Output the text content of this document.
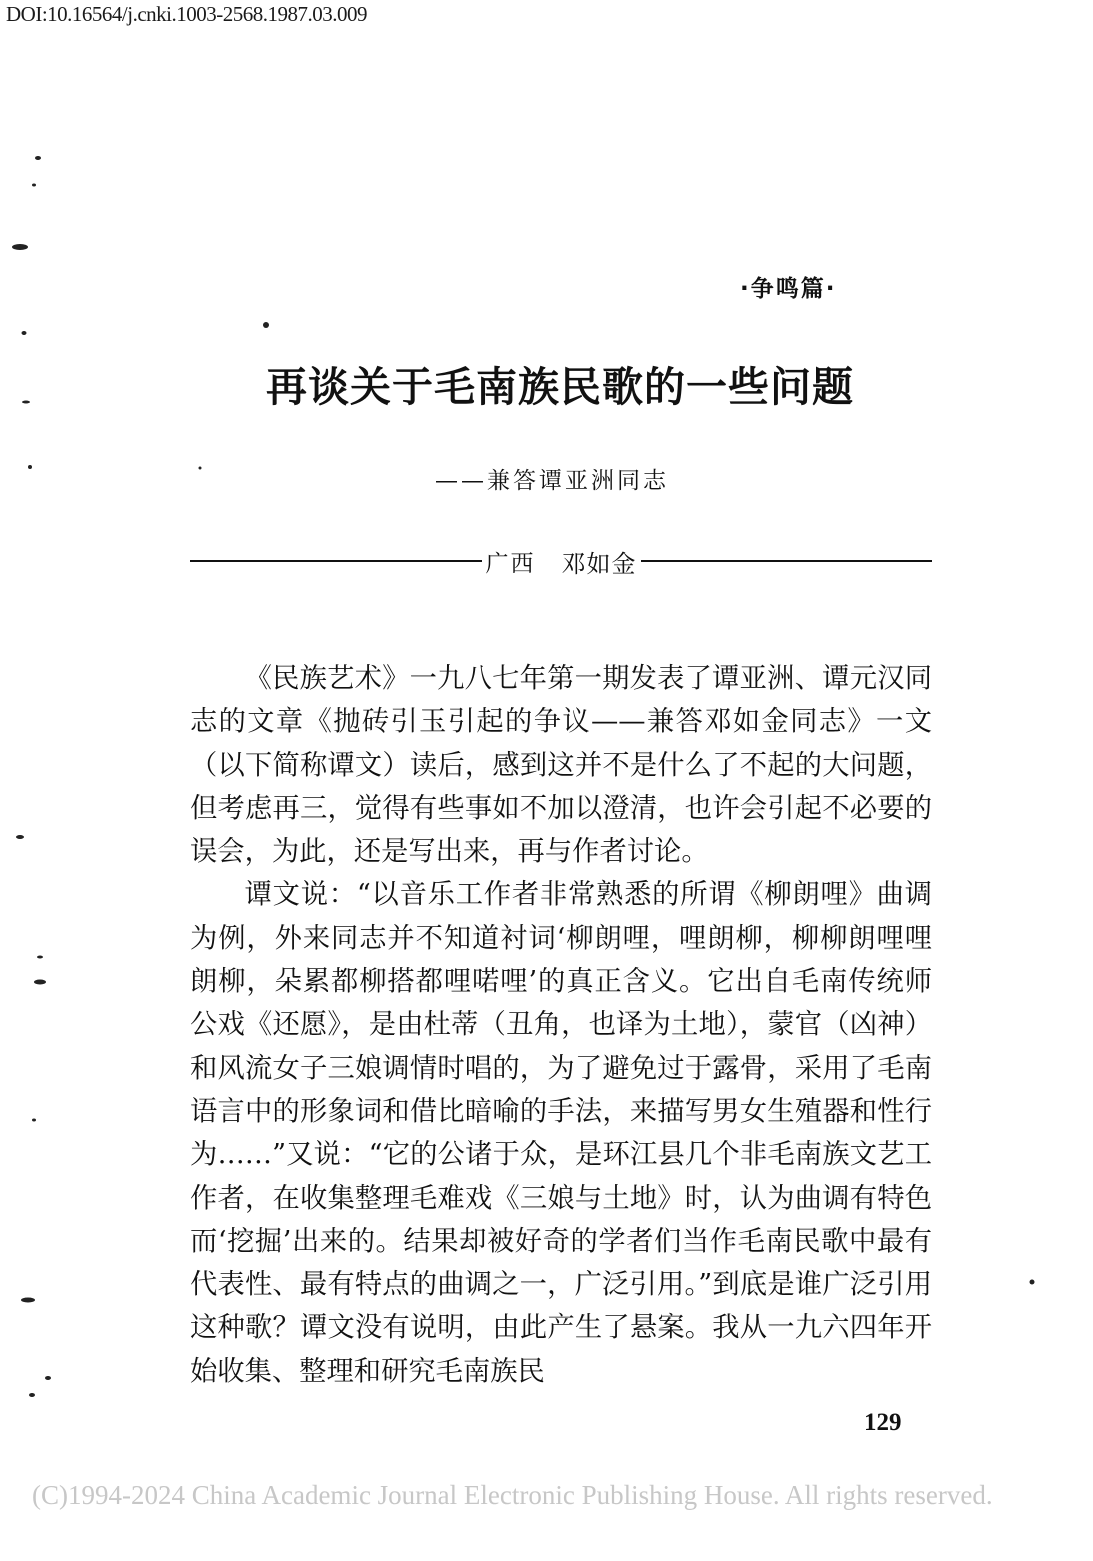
DOI:10.16564/j.cnki.1003-2568.1987.03.009
·争鸣篇·
再谈关于毛南族民歌的一些问题
——兼答谭亚洲同志
广西 邓如金

《民族艺术》一九八七年第一期发表了谭亚洲、谭元汉同志的文章《抛砖引玉引起的争议——兼答邓如金同志》一文（以下简称谭文）读后，感到这并不是什么了不起的大问题，但考虑再三，觉得有些事如不加以澄清，也许会引起不必要的误会，为此，还是写出来，再与作者讨论。

谭文说：“以音乐工作者非常熟悉的所谓《柳朗哩》曲调为例，外来同志并不知道衬词‘柳朗哩，哩朗柳，柳柳朗哩哩朗柳，朵累都柳搭都哩喏哩’的真正含义。它出自毛南传统师公戏《还愿》，是由杜蒂（丑角，也译为土地），蒙官（凶神）和风流女子三娘调情时唱的，为了避免过于露骨，采用了毛南语言中的形象词和借比暗喻的手法，来描写男女生殖器和性行为……”又说：“它的公诸于众，是环江县几个非毛南族文艺工作者，在收集整理毛难戏《三娘与土地》时，认为曲调有特色而‘挖掘’出来的。结果却被好奇的学者们当作毛南民歌中最有代表性、最有特点的曲调之一，广泛引用。”到底是谁广泛引用这种歌？谭文没有说明，由此产生了悬案。我从一九六四年开始收集、整理和研究毛南族民

129
(C)1994-2024 China Academic Journal Electronic Publishing House. All rights reserved.
